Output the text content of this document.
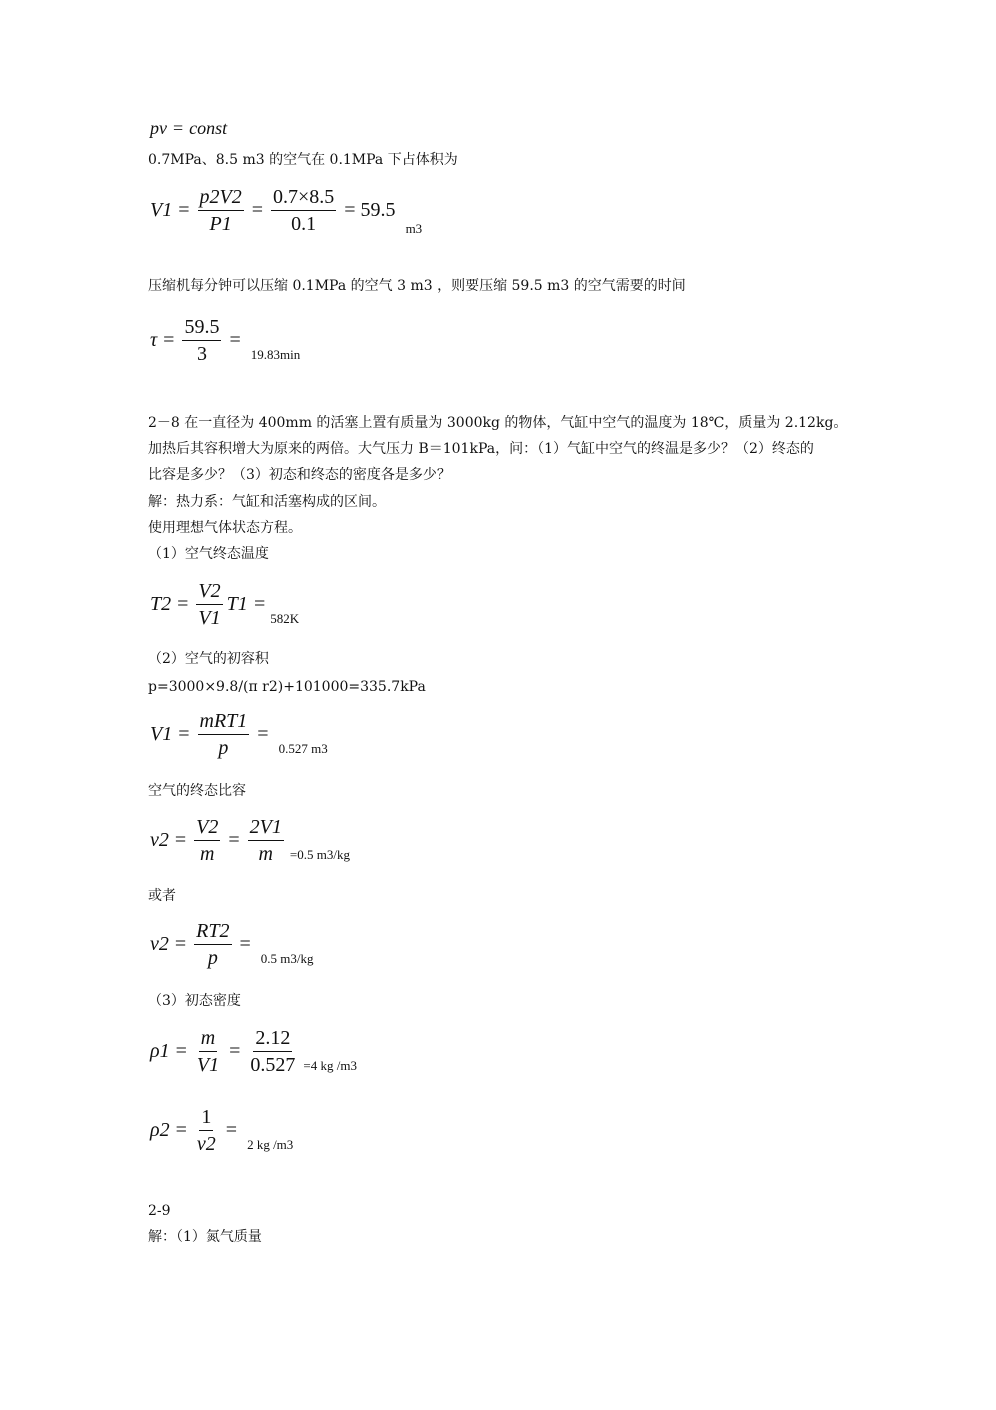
pv = const
0.7MPa、8.5 m3 的空气在 0.1MPa 下占体积为
$V1 = \frac{p2V2}{P1} = \frac{0.7\times 8.5}{0.1} = 59.5$
m3
压缩机每分钟可以压缩 0.1MPa 的空气 3 m3 ，则要压缩 59.5 m3 的空气需要的时间
$\tau = \frac{59.5}{3}$ =
19.83min
2－8 在一直径为 400mm 的活塞上置有质量为 3000kg 的物体，气缸中空气的温度为 18℃，质量为 2.12kg。
加热后其容积增大为原来的两倍。大气压力 B＝101kPa，问：（1）气缸中空气的终温是多少？（2）终态的
比容是多少？（3）初态和终态的密度各是多少？
解：热力系：气缸和活塞构成的区间。
使用理想气体状态方程。
（1）空气终态温度
$T2 = \frac{V2}{V1} T1$ =
582K
（2）空气的初容积
p=3000×9.8/(π r2)+101000=335.7kPa
$V1 = \frac{\text{mRT1}}{p}$ =
0.527 m3
空气的终态比容
$v2 = \frac{V2}{m} = \frac{2V1}{m} =0.5$ m3/kg
或者
$v2 = \frac{RT2}{p}$ =
0.5 m3/kg
（3）初态密度
$\rho 1 = \frac{m}{V1} = \frac{2.12}{0.527} =4$ kg /m3
$\rho 2 = \frac{1}{v2}$ =
2 kg /m3
2-9
解：（1）氮气质量
